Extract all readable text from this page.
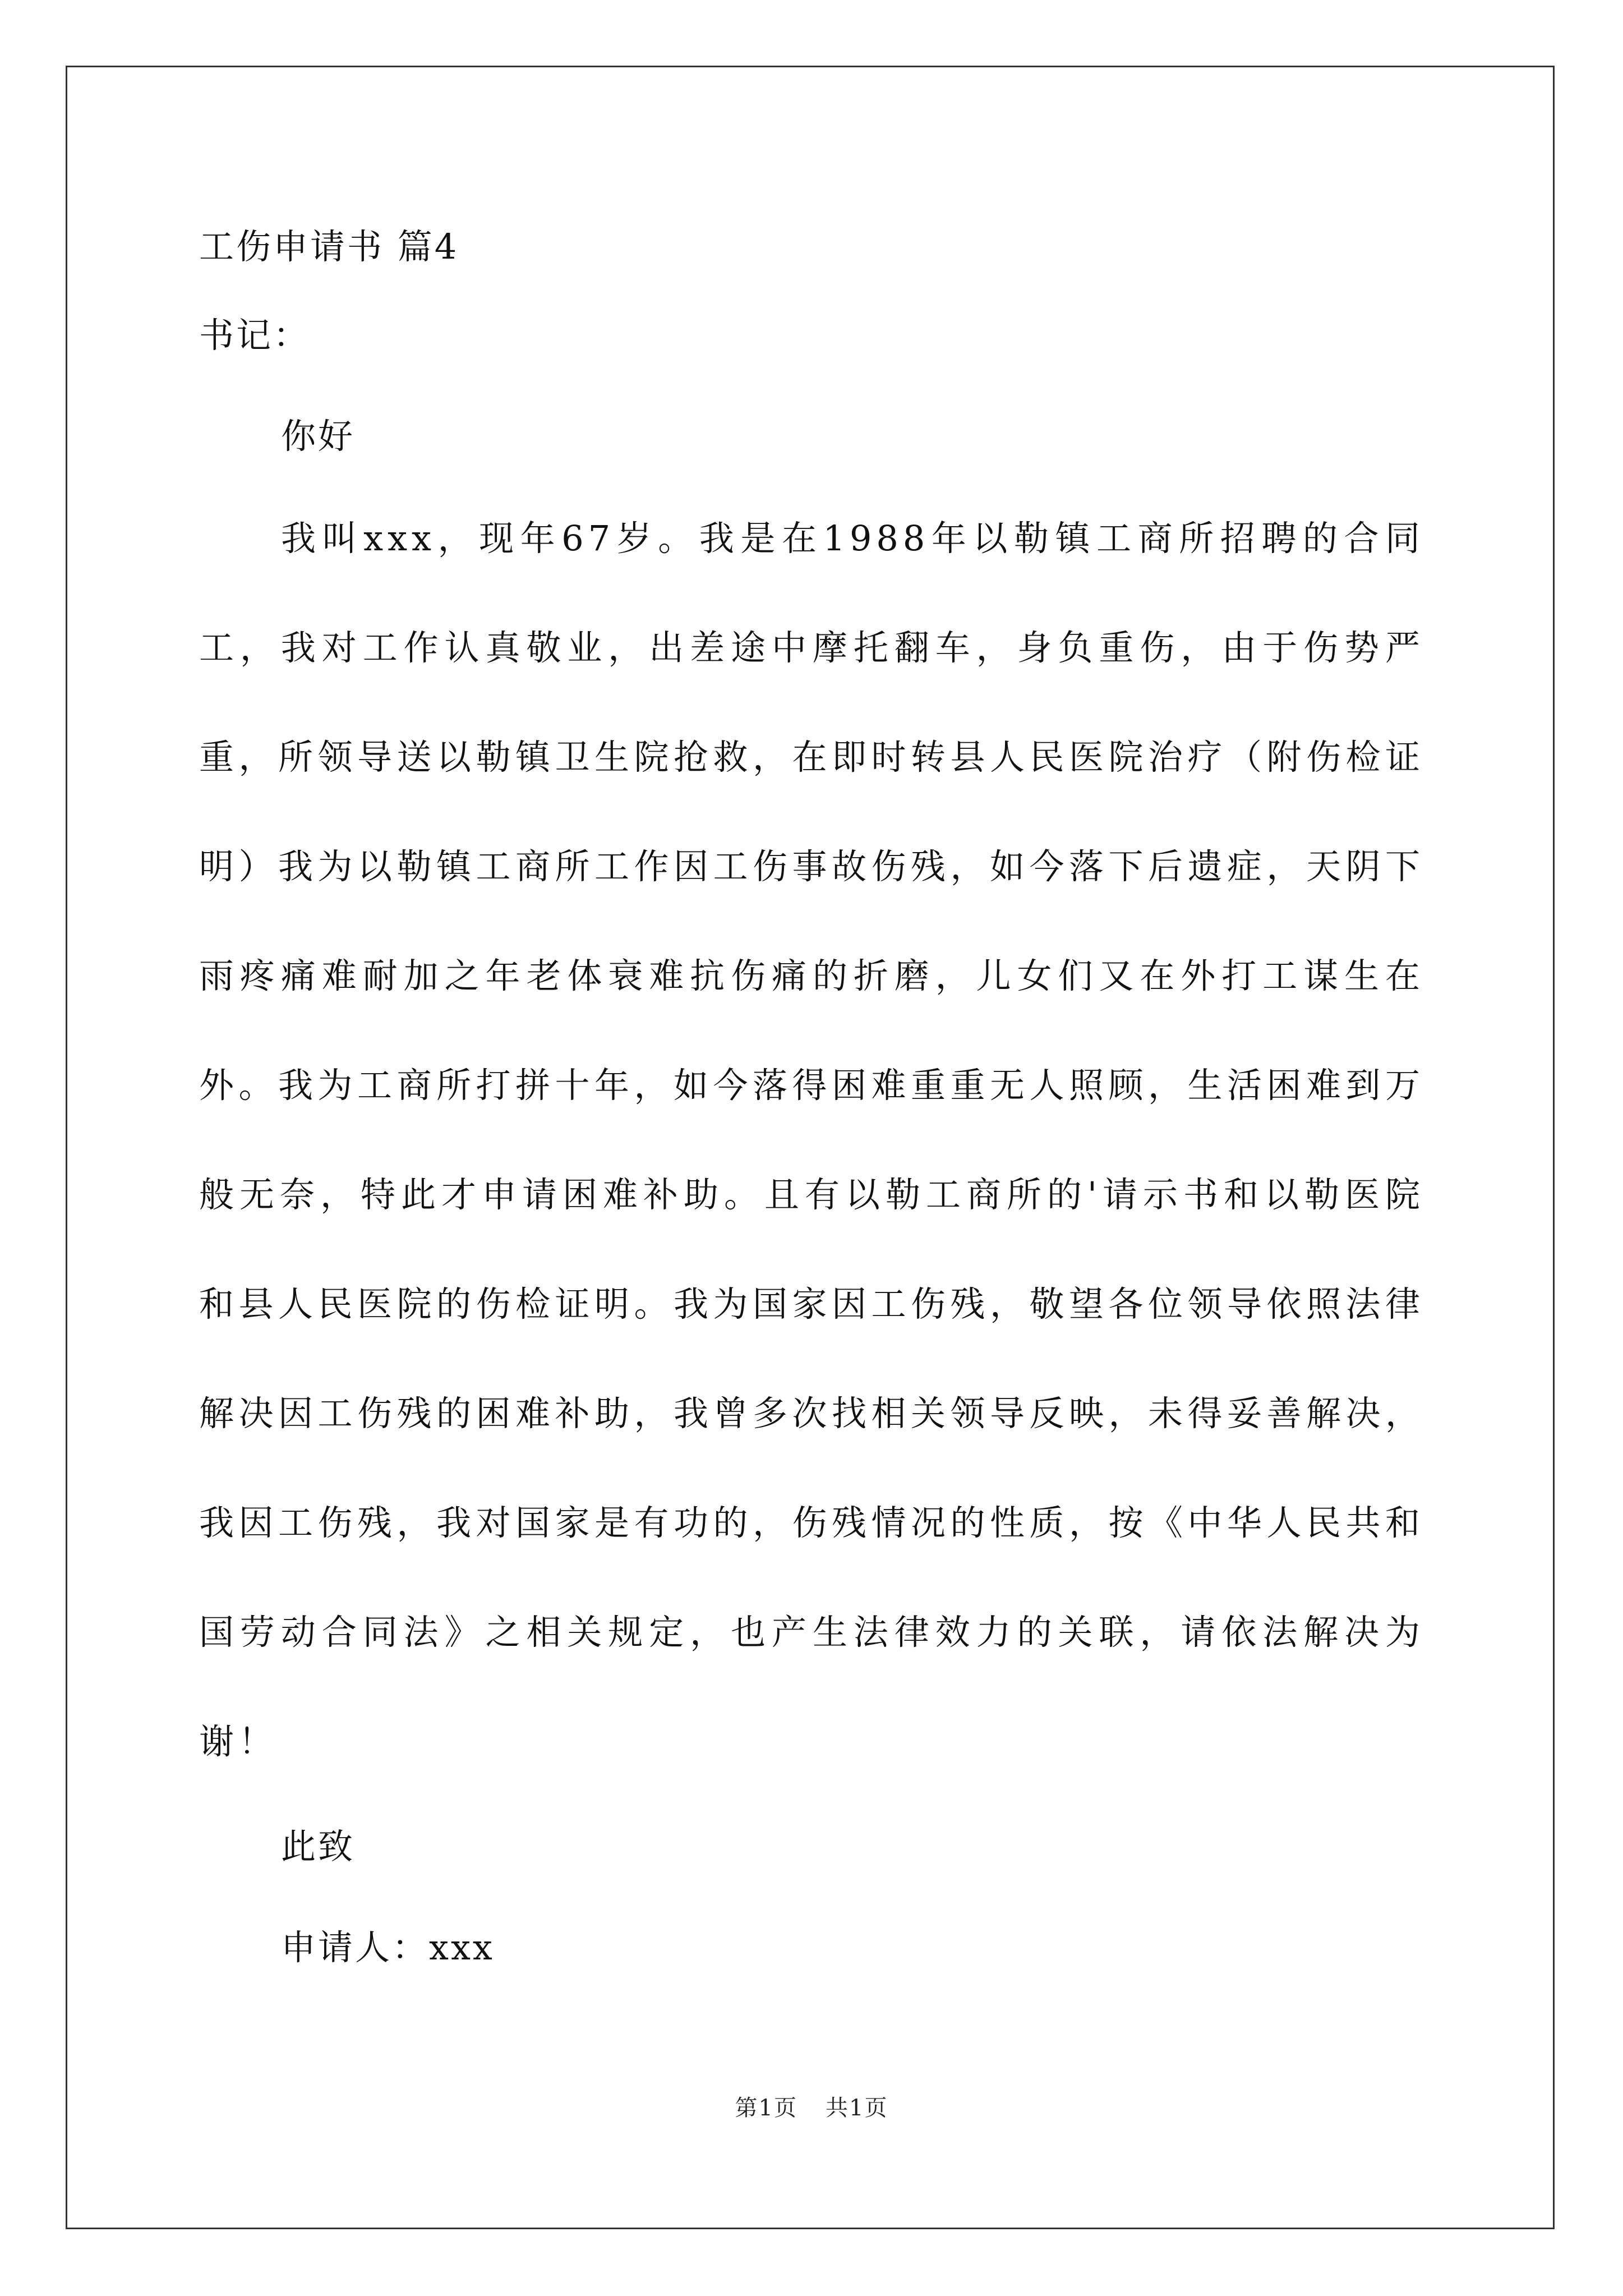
工伤申请书 篇4
书记：
你好

我叫xxx，现年67岁。我是在1988年以勒镇工商所招聘的合同工，我对工作认真敬业，出差途中摩托翻车，身负重伤，由于伤势严重，所领导送以勒镇卫生院抢救，在即时转县人民医院治疗（附伤检证明）我为以勒镇工商所工作因工伤事故伤残，如今落下后遗症，天阴下雨疼痛难耐加之年老体衰难抗伤痛的折磨，儿女们又在外打工谋生在外。我为工商所打拼十年，如今落得困难重重无人照顾，生活困难到万般无奈，特此才申请困难补助。且有以勒工商所的'请示书和以勒医院和县人民医院的伤检证明。我为国家因工伤残，敬望各位领导依照法律解决因工伤残的困难补助，我曾多次找相关领导反映，未得妥善解决，我因工伤残，我对国家是有功的，伤残情况的性质，按《中华人民共和国劳动合同法》之相关规定，也产生法律效力的关联，请依法解决为谢！

此致
申请人：xxx
第1页 共1页
